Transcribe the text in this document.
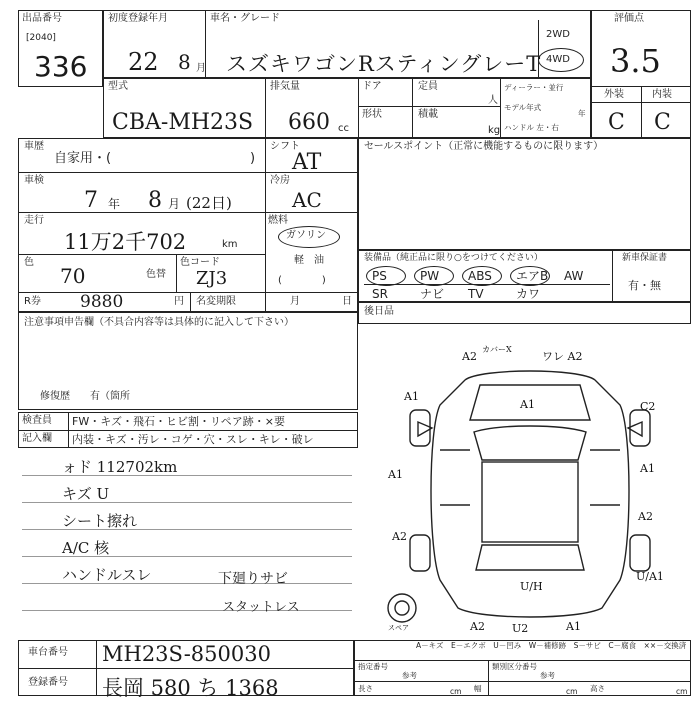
出品番号
[2040]
336
初度登録年月
22 8 月
車名・グレード
スズキワゴンRスティングレーT
2WD
4WD
評価点
3.5
外装	内装
C C
型式
CBA-MH23S
排気量
660 cc
ドア
形状
定員
人
積載
kg
ディーラー・並行
モデル年式
年
ハンドル 左・右
車歴
自家用・(	)
シフト
AT
車検
7 年 8 月 (22日)
冷房
AC
走行
11万2千702	km
燃料
ガソリン
軽　油
(　　　　)
色
70	色替
色コード
ZJ3
R券 9880	円 名変期限	月	日
注意事項申告欄（不具合内容等は具体的に記入して下さい）
修復歴　　有（箇所
セールスポイント（正常に機能するものに限ります）
装備品（純正品に限り○をつけてください）	新車保証書
有・無
PS	PW ABS エアB AW
SR	ナビ TV	カワ
後日品
検査員
記入欄
FW・キズ・飛石・ヒビ割・リペア跡・×要
内装・キズ・汚レ・コゲ・穴・スレ・キレ・破レ
ォド 112702km
キズ U
シート擦れ
A/C 核
ハンドルスレ	下廻りサビ
スタットレス
A2
カバーX
ワレ A2
A1
A1
C2
A1	A1
A2
A2
U/H
A2 U2	A1
U/A1
スペア
車台番号 MH23S-850030
登録番号 長岡 580 ち 1368
A－キズ　E－エクボ　U－凹み　W－補修跡　S－サビ　C－腐食　××－交換済
指定番号	類別区分番号
参考	参考
長さ	幅	高さ
cm	cm	cm
